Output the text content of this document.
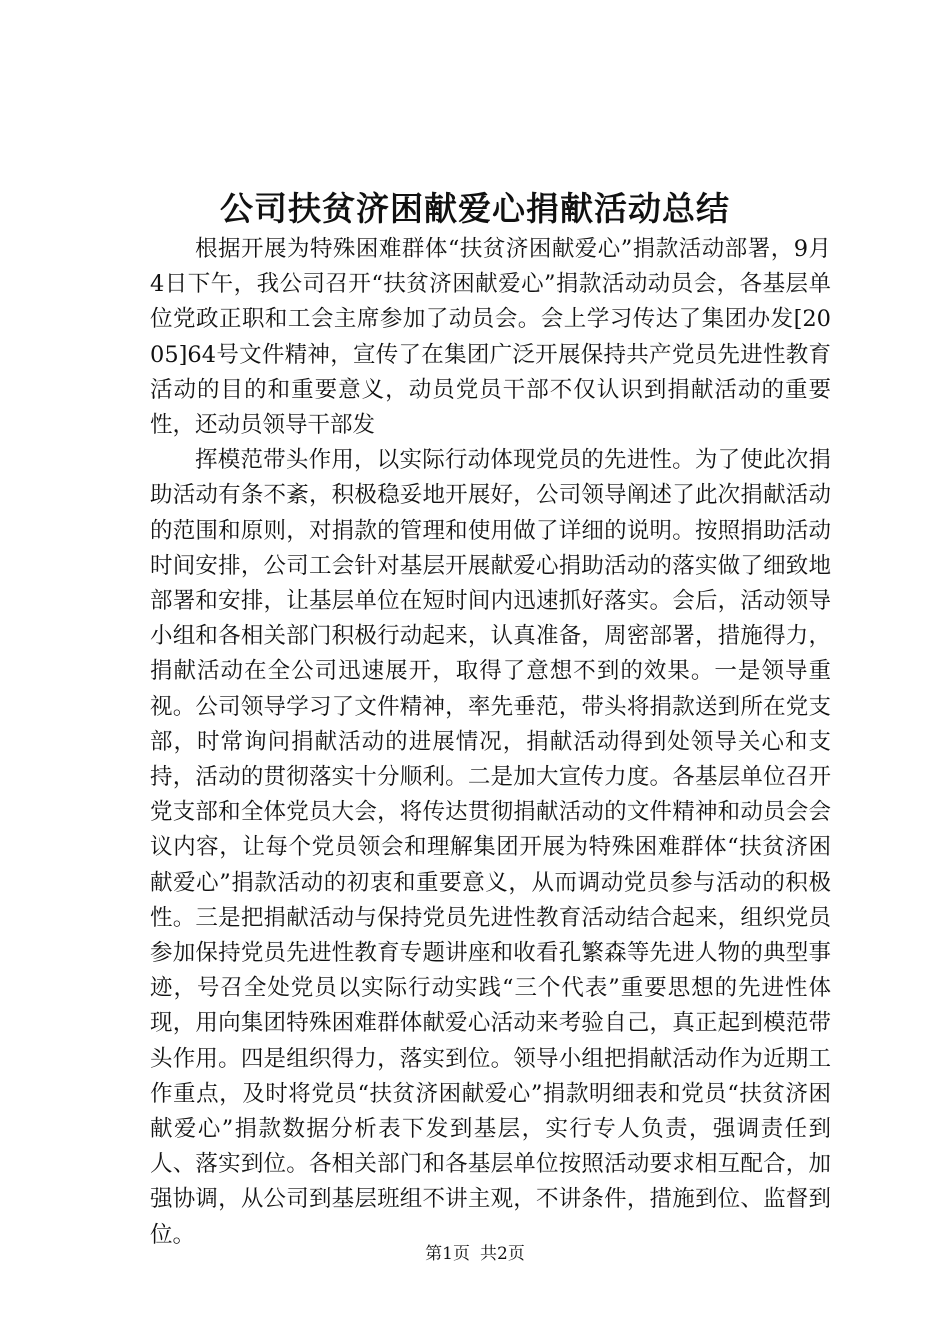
公司扶贫济困献爱心捐献活动总结

根据开展为特殊困难群体“扶贫济困献爱心”捐款活动部署，9月4日下午，我公司召开“扶贫济困献爱心”捐款活动动员会，各基层单位党政正职和工会主席参加了动员会。会上学习传达了集团办发[2005]64号文件精神，宣传了在集团广泛开展保持共产党员先进性教育活动的目的和重要意义，动员党员干部不仅认识到捐献活动的重要性，还动员领导干部发

挥模范带头作用，以实际行动体现党员的先进性。为了使此次捐助活动有条不紊，积极稳妥地开展好，公司领导阐述了此次捐献活动的范围和原则，对捐款的管理和使用做了详细的说明。按照捐助活动时间安排，公司工会针对基层开展献爱心捐助活动的落实做了细致地部署和安排，让基层单位在短时间内迅速抓好落实。会后，活动领导小组和各相关部门积极行动起来，认真准备，周密部署，措施得力，捐献活动在全公司迅速展开，取得了意想不到的效果。一是领导重视。公司领导学习了文件精神，率先垂范，带头将捐款送到所在党支部，时常询问捐献活动的进展情况，捐献活动得到处领导关心和支持，活动的贯彻落实十分顺利。二是加大宣传力度。各基层单位召开党支部和全体党员大会，将传达贯彻捐献活动的文件精神和动员会会议内容，让每个党员领会和理解集团开展为特殊困难群体“扶贫济困献爱心”捐款活动的初衷和重要意义，从而调动党员参与活动的积极性。三是把捐献活动与保持党员先进性教育活动结合起来，组织党员参加保持党员先进性教育专题讲座和收看孔繁森等先进人物的典型事迹，号召全处党员以实际行动实践“三个代表”重要思想的先进性体现，用向集团特殊困难群体献爱心活动来考验自己，真正起到模范带头作用。四是组织得力，落实到位。领导小组把捐献活动作为近期工作重点，及时将党员“扶贫济困献爱心”捐款明细表和党员“扶贫济困献爱心”捐款数据分析表下发到基层，实行专人负责，强调责任到人、落实到位。各相关部门和各基层单位按照活动要求相互配合，加强协调，从公司到基层班组不讲主观，不讲条件，措施到位、监督到位。

第1页 共2页
